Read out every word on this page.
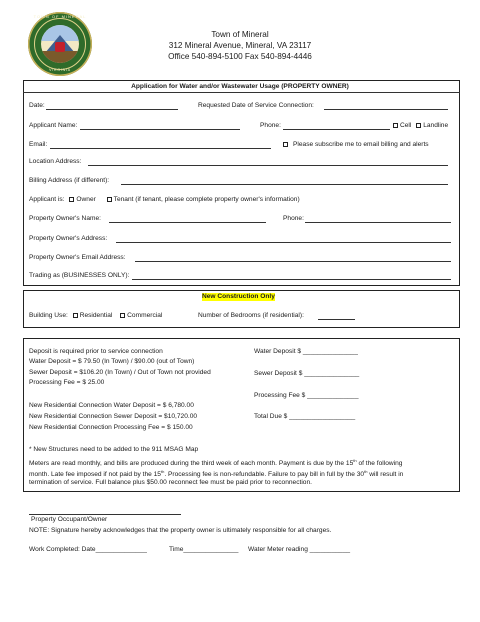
TOWN OF MINERAL
VIRGINIA
Town of Mineral
312 Mineral Avenue, Mineral, VA 23117
Office 540-894-5100 Fax 540-894-4446
Application for Water and/or Wastewater Usage (PROPERTY OWNER)
Date:	Requested Date of Service Connection:
Applicant Name:	Phone:	Cell Landline
Email:	Please subscribe me to email billing and alerts
Location Address:
Billing Address (if different):
Applicant is: Owner	Tenant (if tenant, please complete property owner's information)
Property Owner's Name:	Phone:
Property Owner's Address:
Property Owner's Email Address:
Trading as (BUSINESSES ONLY):
New Construction Only
Building Use: Residential Commercial	Number of Bedrooms (if residential):
Deposit is required prior to service connection
Water Deposit = $ 79.50 (In Town) / $90.00 (out of Town)
Sewer Deposit = $106.20 (In Town) / Out of Town not provided
Processing Fee = $ 25.00
New Residential Connection Water Deposit = $ 6,780.00
New Residential Connection Sewer Deposit = $10,720.00
New Residential Connection Processing Fee = $ 150.00
Water Deposit $ _______________
Sewer Deposit $ _______________
Processing Fee $ ______________
Total Due $ __________________
* New Structures need to be added to the 911 MSAG Map
Meters are read monthly, and bills are produced during the third week of each month. Payment is due by the 15th of the following
month. Late fee imposed if not paid by the 15th. Processing fee is non-refundable. Failure to pay bill in full by the 30th will result in
termination of service. Full balance plus $50.00 reconnect fee must be paid prior to reconnection.
Property Occupant/Owner
NOTE: Signature hereby acknowledges that the property owner is ultimately responsible for all charges.
Work Completed: Date______________	Time_______________ Water Meter reading ___________
